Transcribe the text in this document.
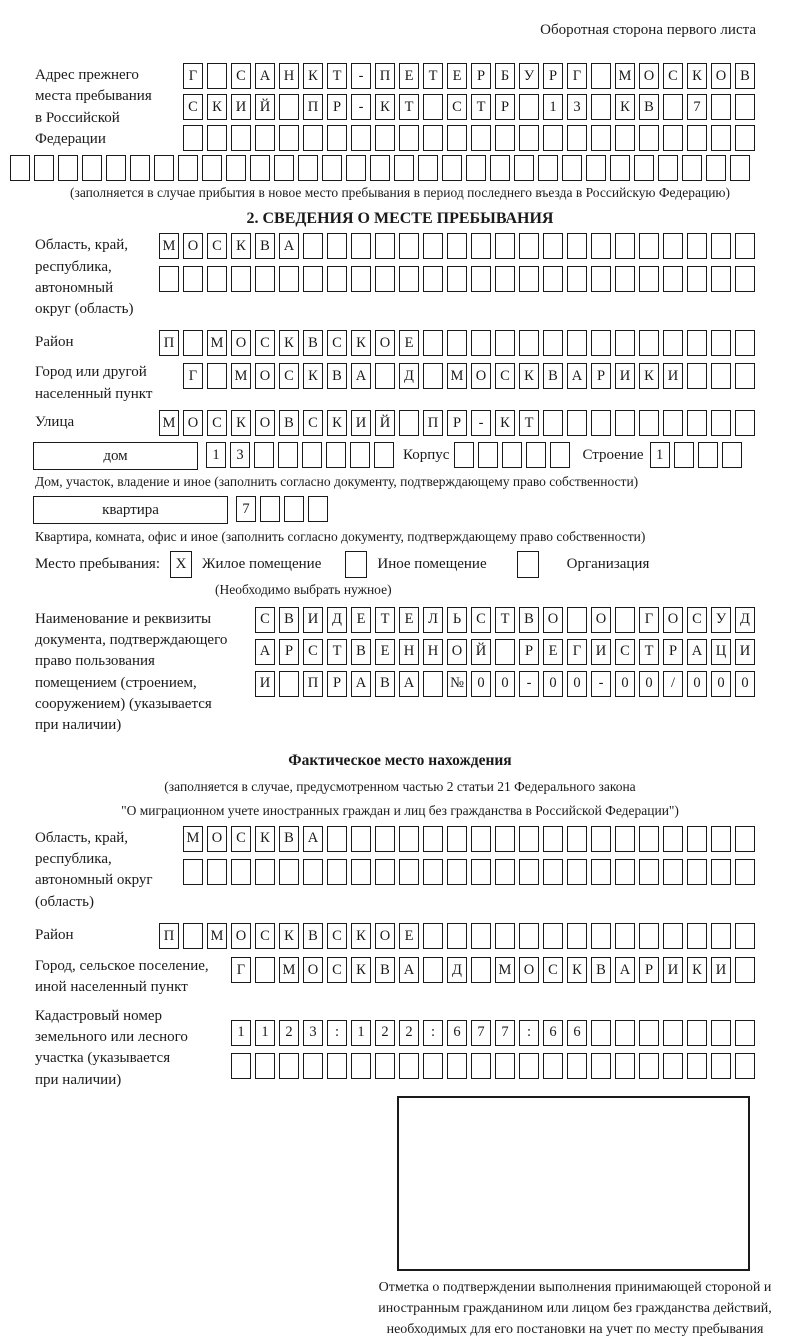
Оборотная сторона первого листа
Адрес прежнего
места пребывания
в Российской
Федерации
Г	С А Н К	Т	-	П Е	Т	Е	Р	Б	У	Р	Г	М О С К О В
С К И Й	П	Р	-	К	Т	С	Т	Р	1	3	К В	7
(заполняется в случае прибытия в новое место пребывания в период последнего въезда в Российскую Федерацию)
2. СВЕДЕНИЯ О МЕСТЕ ПРЕБЫВАНИЯ
Область, край,
республика,
автономный
округ (область)
М О С К В А
Район	П	М О С К В С К О Е
Город или другой
населенный пункт
Г	М О С К В А	Д	М О С К В А	Р	И К И
Улица	М О С К О В С К И Й	П	Р	-	К	Т
дом	1	3	Корпус	Строение 1
Дом, участок, владение и иное (заполнить согласно документу, подтверждающему право собственности)
квартира	7
Квартира, комната, офис и иное (заполнить согласно документу, подтверждающему право собственности)
Место пребывания:	X	Жилое помещение	Иное помещение	Организация
(Необходимо выбрать нужное)
Наименование и реквизиты
документа, подтверждающего
право пользования
помещением (строением,
сооружением) (указывается
при наличии)
С В И Д	Е	Т	Е	Л	Ь	С	Т	В О	О	Г	О С У Д
А	Р	С	Т	В	Е Н Н О Й	Р	Е	Г	И С	Т	Р	А Ц И
И	П	Р	А В А	№ 0	0	-	0	0	-	0	0	/	0	0	0
Фактическое место нахождения
(заполняется в случае, предусмотренном частью 2 статьи 21 Федерального закона
"О миграционном учете иностранных граждан и лиц без гражданства в Российской Федерации")
Область, край,
республика,
автономный округ
(область)
М О С К В А
Район	П	М О С К В С К О Е
Город, сельское поселение,
иной населенный пункт
Г	М О С К В А	Д	М О С К В А	Р	И К И
Кадастровый номер
земельного или лесного
участка (указывается
при наличии)
1	1	2	3	:	1	2	2	:	6	7	7	:	6	6
Отметка о подтверждении выполнения принимающей стороной и иностранным гражданином или лицом без гражданства действий, необходимых для его постановки на учет по месту пребывания
